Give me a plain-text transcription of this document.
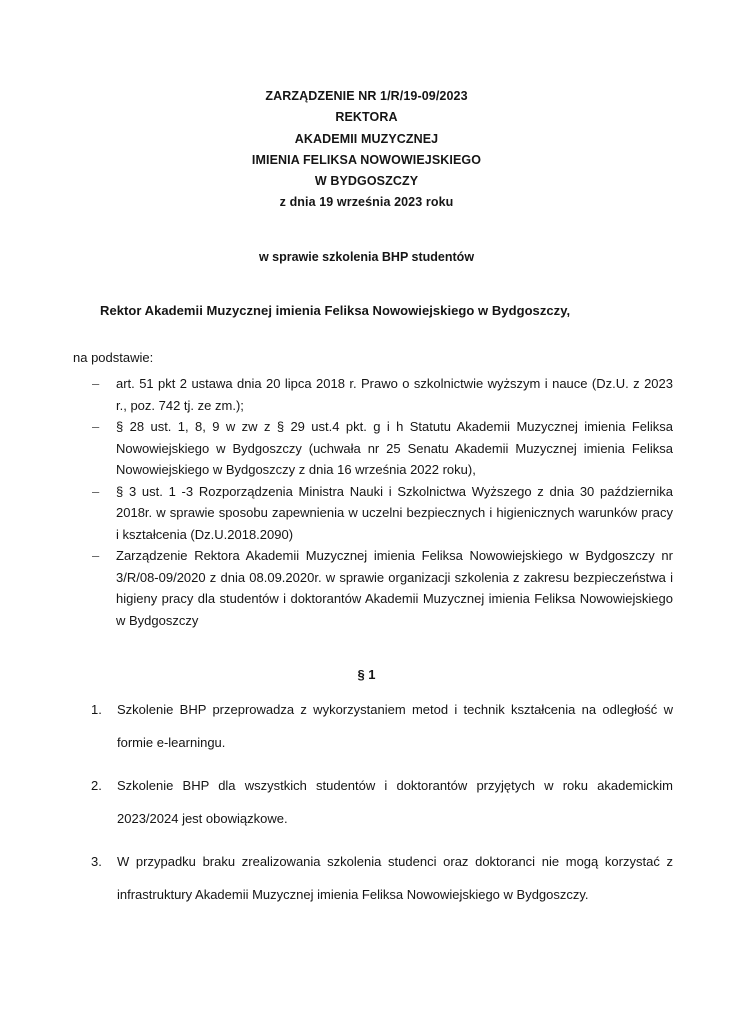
ZARZĄDZENIE NR 1/R/19-09/2023
REKTORA
AKADEMII MUZYCZNEJ
IMIENIA FELIKSA NOWOWIEJSKIEGO
W BYDGOSZCZY
z dnia 19 września 2023 roku
w sprawie szkolenia BHP studentów
Rektor Akademii Muzycznej imienia Feliksa Nowowiejskiego w Bydgoszczy,
na podstawie:
– art. 51 pkt 2 ustawa dnia 20 lipca 2018 r. Prawo o szkolnictwie wyższym i nauce (Dz.U. z 2023 r., poz. 742 tj. ze zm.);
– § 28 ust. 1, 8, 9 w zw z § 29 ust.4 pkt. g i h Statutu Akademii Muzycznej imienia Feliksa Nowowiejskiego w Bydgoszczy (uchwała nr 25 Senatu Akademii Muzycznej imienia Feliksa Nowowiejskiego w Bydgoszczy z dnia 16 września 2022 roku),
– § 3 ust. 1 -3 Rozporządzenia Ministra Nauki i Szkolnictwa Wyższego z dnia 30 października 2018r. w sprawie sposobu zapewnienia w uczelni bezpiecznych i higienicznych warunków pracy i kształcenia (Dz.U.2018.2090)
– Zarządzenie Rektora Akademii Muzycznej imienia Feliksa Nowowiejskiego w Bydgoszczy nr 3/R/08-09/2020 z dnia 08.09.2020r. w sprawie organizacji szkolenia z zakresu bezpieczeństwa i higieny pracy dla studentów i doktorantów Akademii Muzycznej imienia Feliksa Nowowiejskiego w Bydgoszczy
§ 1
1. Szkolenie BHP przeprowadza z wykorzystaniem metod i technik kształcenia na odległość w formie e-learningu.
2. Szkolenie BHP dla wszystkich studentów i doktorantów przyjętych w roku akademickim 2023/2024 jest obowiązkowe.
3. W przypadku braku zrealizowania szkolenia studenci oraz doktoranci nie mogą korzystać z infrastruktury Akademii Muzycznej imienia Feliksa Nowowiejskiego w Bydgoszczy.
